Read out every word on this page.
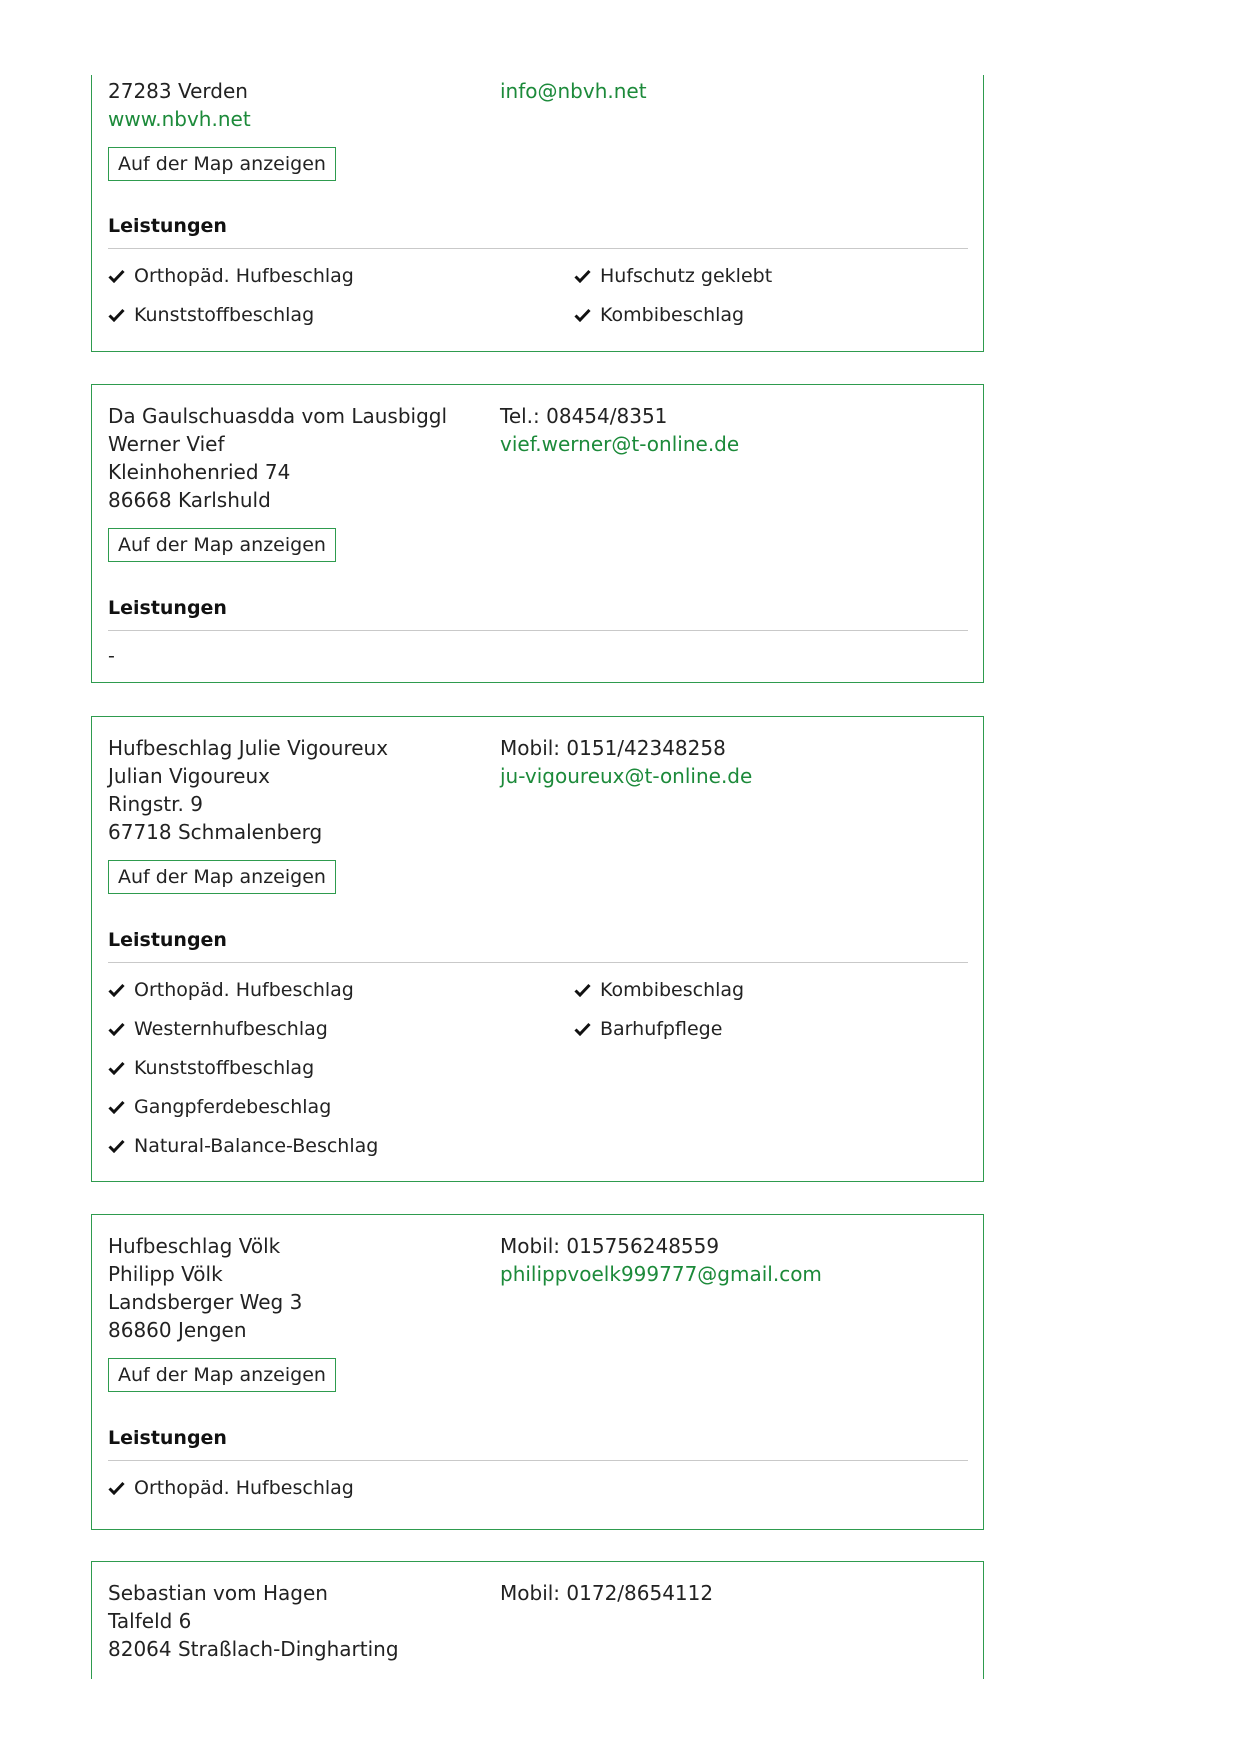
27283 Verden
www.nbvh.net
info@nbvh.net
Auf der Map anzeigen
Leistungen
Orthopäd. Hufbeschlag
Kunststoffbeschlag
Hufschutz geklebt
Kombibeschlag
Da Gaulschuasdda vom Lausbiggl
Werner Vief
Kleinhohenried 74
86668 Karlshuld
Tel.: 08454/8351
vief.werner@t-online.de
Auf der Map anzeigen
Leistungen
-
Hufbeschlag Julie Vigoureux
Julian Vigoureux
Ringstr. 9
67718 Schmalenberg
Mobil: 0151/42348258
ju-vigoureux@t-online.de
Auf der Map anzeigen
Leistungen
Orthopäd. Hufbeschlag
Westernhufbeschlag
Kunststoffbeschlag
Gangpferdebeschlag
Natural-Balance-Beschlag
Kombibeschlag
Barhufpflege
Hufbeschlag Völk
Philipp Völk
Landsberger Weg 3
86860 Jengen
Mobil: 015756248559
philippvoelk999777@gmail.com
Auf der Map anzeigen
Leistungen
Orthopäd. Hufbeschlag
Sebastian vom Hagen
Talfeld 6
82064 Straßlach-Dingharting
Mobil: 0172/8654112
